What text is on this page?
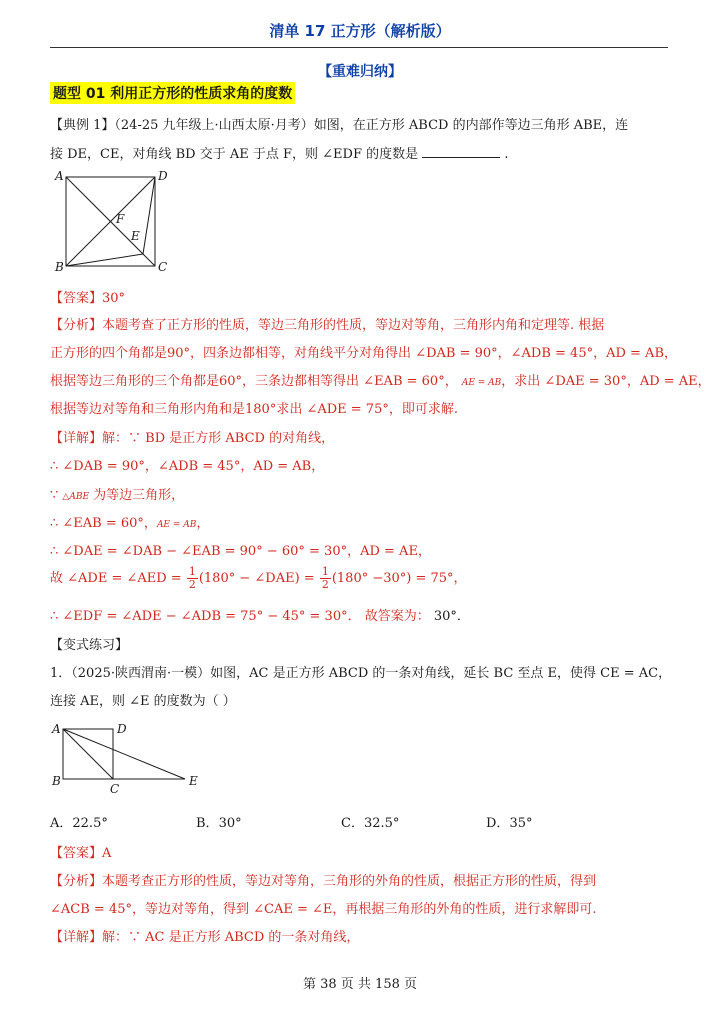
清单 17 正方形（解析版）
【重难归纳】
题型 01 利用正方形的性质求角的度数
【典例 1】（24-25 九年级上·山西太原·月考）如图，在正方形 ABCD 的内部作等边三角形 ABE，连
接 DE，CE，对角线 BD 交于 AE 于点 F，则 ∠EDF 的度数是	.
A	D
B	C
F
E
【答案】30°
【分析】本题考查了正方形的性质，等边三角形的性质，等边对等角，三角形内角和定理等. 根据
正方形的四个角都是90°，四条边都相等，对角线平分对角得出 ∠DAB = 90°，∠ADB = 45°，AD = AB，
根据等边三角形的三个角都是60°，三条边都相等得出 ∠EAB = 60°， AE = AB，求出 ∠DAE = 30°，AD = AE，
根据等边对等角和三角形内角和是180°求出 ∠ADE = 75°，即可求解.
【详解】解：∵ BD 是正方形 ABCD 的对角线，
∴ ∠DAB = 90°，∠ADB = 45°，AD = AB，
∵ △ABE 为等边三角形，
∴ ∠EAB = 60°，AE = AB，
∴ ∠DAE = ∠DAB − ∠EAB = 90° − 60° = 30°，AD = AE，
故 ∠ADE = ∠AED = $\frac{1}{2} (180^\circ$ − ∠DAE) = $\frac{1}{2} (180^\circ -30^\circ) = 75^\circ$，
∴ ∠EDF = ∠ADE − ∠ADB = 75° − 45° = 30°． 故答案为： 30°．
【变式练习】
1．（2025·陕西渭南·一模）如图，AC 是正方形 ABCD 的一条对角线，延长 BC 至点 E，使得 CE = AC，
连接 AE，则 ∠E 的度数为（ ）
A	D
B
C
E
A．22.5°	B．30°	C．32.5°	D．35°
【答案】A
【分析】本题考查正方形的性质，等边对等角，三角形的外角的性质，根据正方形的性质，得到
∠ACB = 45°，等边对等角，得到 ∠CAE = ∠E，再根据三角形的外角的性质，进行求解即可.
【详解】解：∵ AC 是正方形 ABCD 的一条对角线，
第 38 页 共 158 页
